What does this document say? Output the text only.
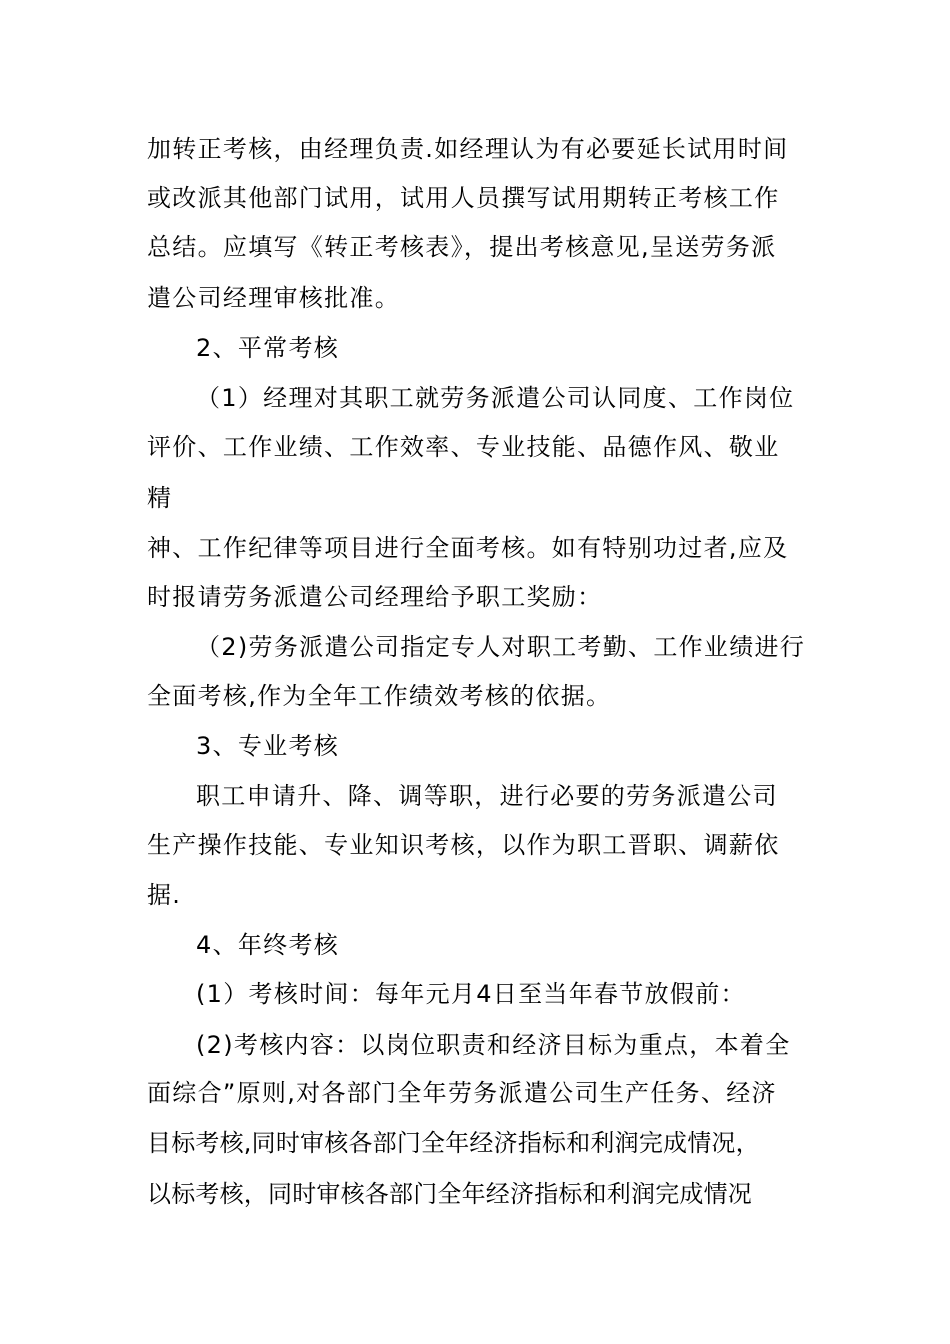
加转正考核，由经理负责.如经理认为有必要延长试用时间

或改派其他部门试用，试用人员撰写试用期转正考核工作

总结。应填写《转正考核表》，提出考核意见,呈送劳务派

遣公司经理审核批准。

2、平常考核

（1）经理对其职工就劳务派遣公司认同度、工作岗位

评价、工作业绩、工作效率、专业技能、品德作风、敬业

精

神、工作纪律等项目进行全面考核。如有特别功过者,应及

时报请劳务派遣公司经理给予职工奖励：

（2)劳务派遣公司指定专人对职工考勤、工作业绩进行

全面考核,作为全年工作绩效考核的依据。

3、专业考核

职工申请升、降、调等职，进行必要的劳务派遣公司

生产操作技能、专业知识考核，以作为职工晋职、调薪依

据.

4、年终考核

(1）考核时间：每年元月4日至当年春节放假前：

(2)考核内容：以岗位职责和经济目标为重点，本着全

面综合”原则,对各部门全年劳务派遣公司生产任务、经济

目标考核,同时审核各部门全年经济指标和利润完成情况，

以标考核，同时审核各部门全年经济指标和利润完成情况
